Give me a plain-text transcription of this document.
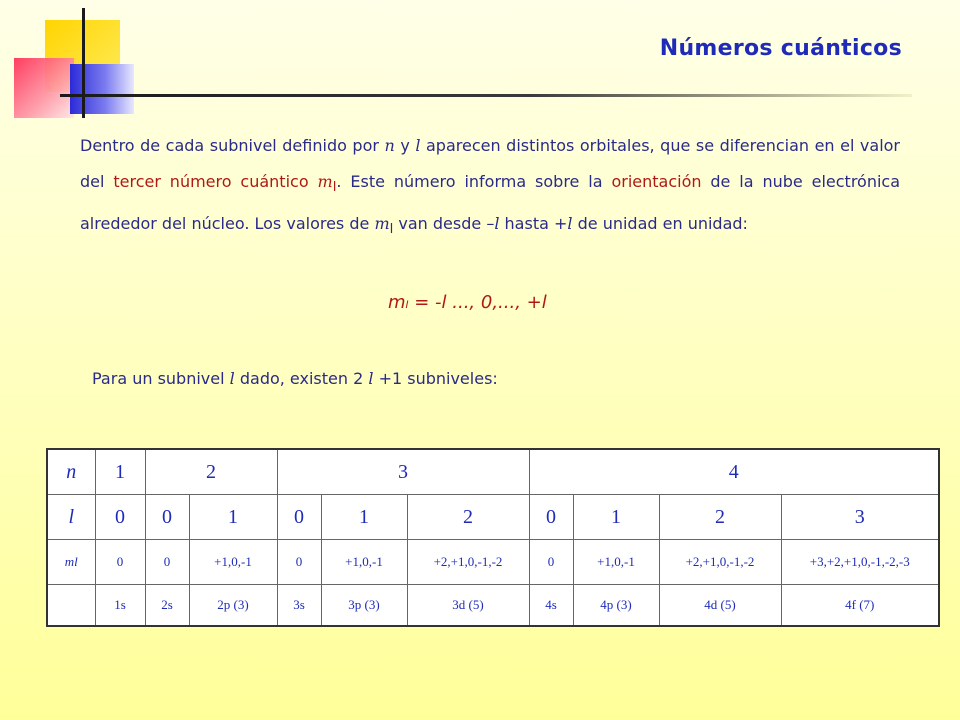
Números cuánticos
Dentro de cada subnivel definido por n y l aparecen distintos orbitales, que se diferencian en el valor del tercer número cuántico $m_l$. Este número informa sobre la orientación de la nube electrónica alrededor del núcleo. Los valores de $m_l$ van desde –l hasta +l de unidad en unidad:
mₗ = -l ..., 0,..., +l
Para un subnivel l dado, existen 2 l +1 subniveles:
n	1	2		3			4			
l	0	0	1	0	1	2	0	1	2	3
ml	0	0	+1,0,-1	0	+1,0,-1	+2,+1,0,-1,-2	0	+1,0,-1	+2,+1,0,-1,-2	+3,+2,+1,0,-1,-2,-3
	1s	2s	2p (3)	3s	3p (3)	3d (5)	4s	4p (3)	4d (5)	4f (7)
